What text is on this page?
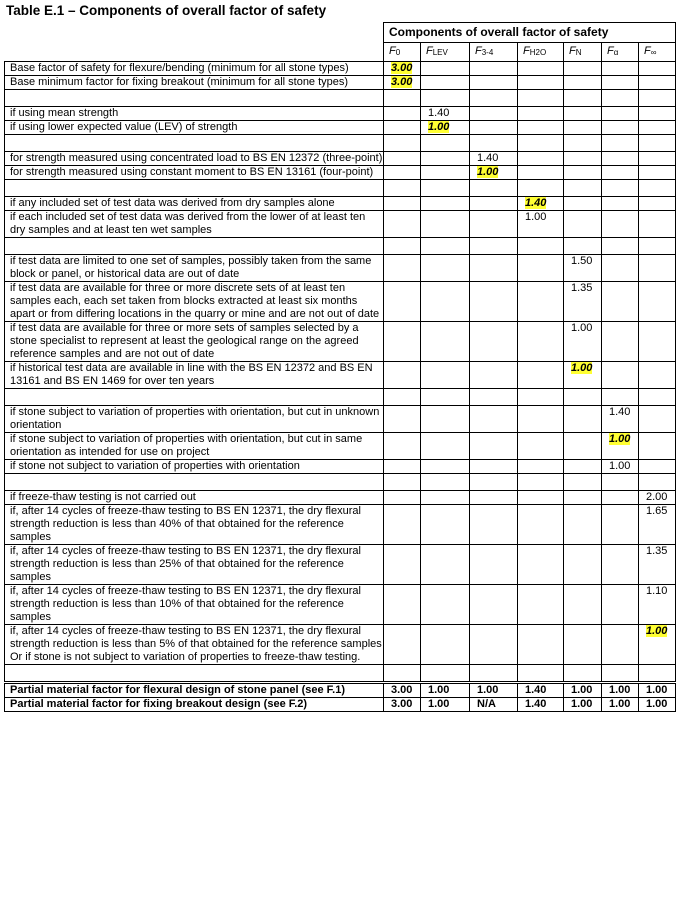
Table E.1 – Components of overall factor of safety
	Components of overall factor of safety						
	$F_0$	$F_{LEV}$	$F_{3-4}$	$F_{H2O}$	$F_N$	$F_\alpha$	$F_\infty$
Base factor of safety for flexure/bending (minimum for all stone types)	3.00						
Base minimum factor for fixing breakout (minimum for all stone types)	3.00						

if using mean strength		1.40					
if using lower expected value (LEV) of strength		1.00					

for strength measured using concentrated load to BS EN 12372 (three-point)			1.40				
for strength measured using constant moment to BS EN 13161 (four-point)			1.00				

if any included set of test data was derived from dry samples alone				1.40			
if each included set of test data was derived from the lower of at least ten dry samples and at least ten wet samples				1.00			

if test data are limited to one set of samples, possibly taken from the same block or panel, or historical data are out of date					1.50		
if test data are available for three or more discrete sets of at least ten samples each, each set taken from blocks extracted at least six months apart or from differing locations in the quarry or mine and are not out of date					1.35		
if test data are available for three or more sets of samples selected by a stone specialist to represent at least the geological range on the agreed reference samples and are not out of date					1.00		
if historical test data are available in line with the BS EN 12372 and BS EN 13161 and BS EN 1469 for over ten years					1.00		

if stone subject to variation of properties with orientation, but cut in unknown orientation						1.40	
if stone subject to variation of properties with orientation, but cut in same orientation as intended for use on project						1.00	
if stone not subject to variation of properties with orientation						1.00	

if freeze-thaw testing is not carried out							2.00
if, after 14 cycles of freeze-thaw testing to BS EN 12371, the dry flexural strength reduction is less than 40% of that obtained for the reference samples							1.65
if, after 14 cycles of freeze-thaw testing to BS EN 12371, the dry flexural strength reduction is less than 25% of that obtained for the reference samples							1.35
if, after 14 cycles of freeze-thaw testing to BS EN 12371, the dry flexural strength reduction is less than 10% of that obtained for the reference samples							1.10
if, after 14 cycles of freeze-thaw testing to BS EN 12371, the dry flexural strength reduction is less than 5% of that obtained for the reference samples
Or if stone is not subject to variation of properties to freeze-thaw testing.							1.00

Partial material factor for flexural design of stone panel (see F.1)	3.00	1.00	1.00	1.40	1.00	1.00	1.00
Partial material factor for fixing breakout design (see F.2)	3.00	1.00	N/A	1.40	1.00	1.00	1.00
